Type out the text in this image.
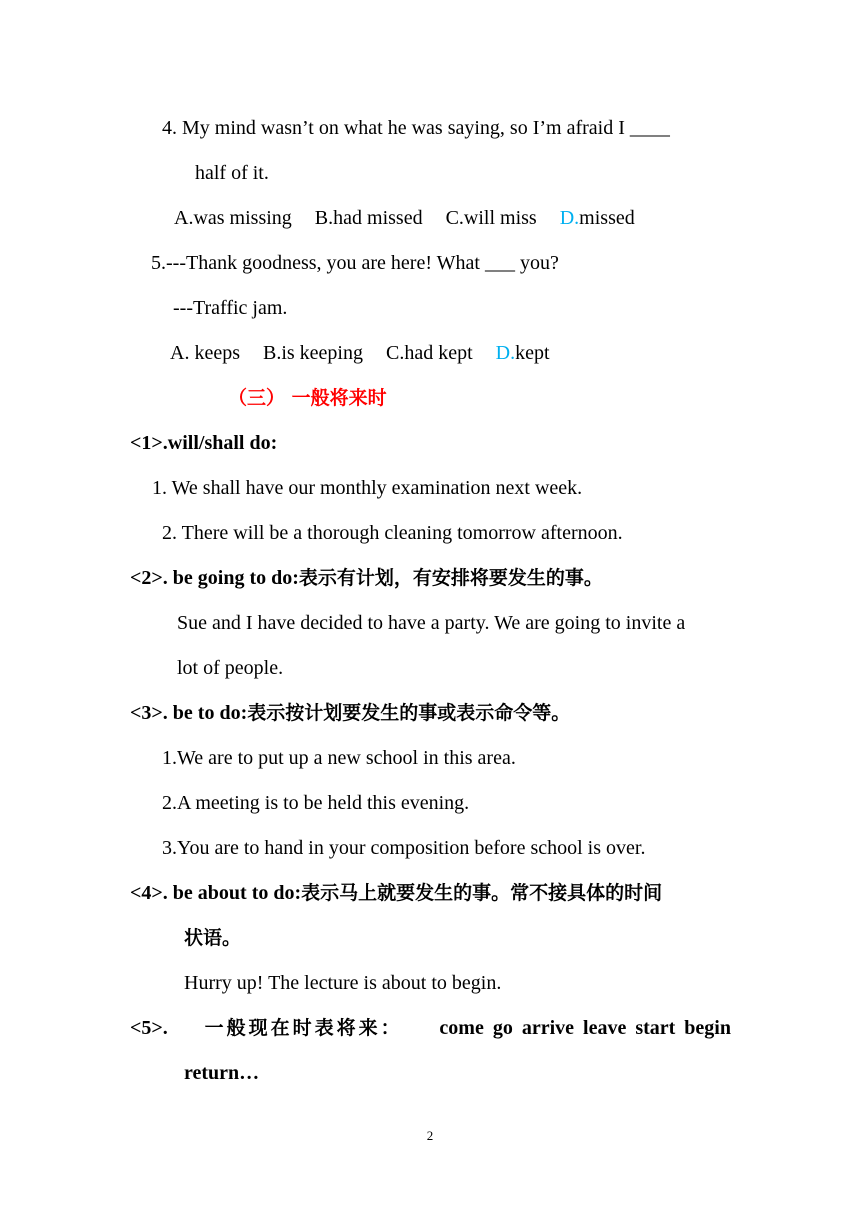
4. My mind wasn’t on what he was saying, so I’m afraid I ____
half of it.
A.was missing B.had missed C.will miss D.missed
5.---Thank goodness, you are here! What ___ you?
---Traffic jam.
A. keeps B.is keeping C.had kept D.kept
（三） 一般将来时
<1>.will/shall do:
1. We shall have our monthly examination next week.
2. There will be a thorough cleaning tomorrow afternoon.
<2>. be going to do:表示有计划，有安排将要发生的事。
Sue and I have decided to have a party. We are going to invite a
lot of people.
<3>. be to do:表示按计划要发生的事或表示命令等。
1.We are to put up a new school in this area.
2.A meeting is to be held this evening.
3.You are to hand in your composition before school is over.
<4>. be about to do:表示马上就要发生的事。常不接具体的时间
状语。
Hurry up! The lecture is about to begin.
<5>. 一般现在时表将来： come go arrive leave start begin
return…
2
